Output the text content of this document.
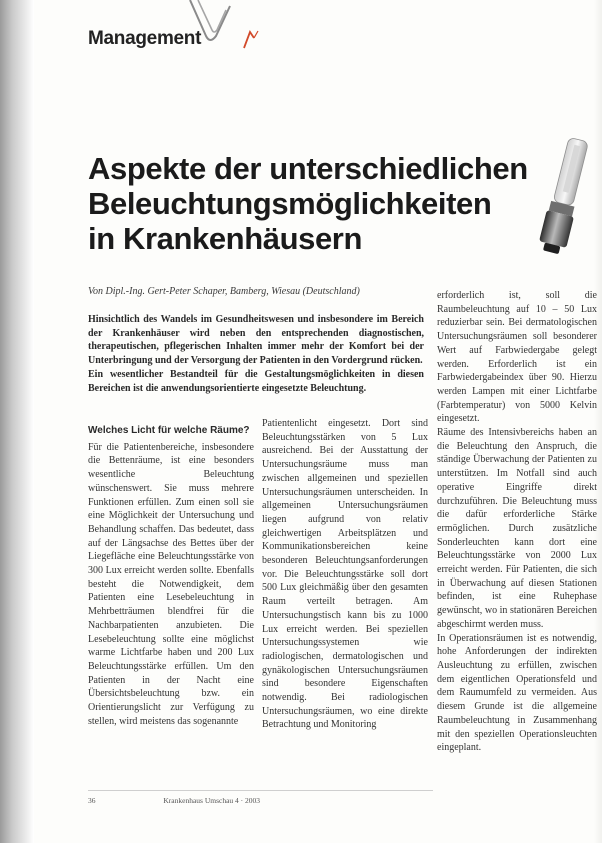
Management
Aspekte der unterschiedlichen
Beleuchtungsmöglichkeiten
in Krankenhäusern
Von Dipl.-Ing. Gert-Peter Schaper, Bamberg, Wiesau (Deutschland)

Hinsichtlich des Wandels im Gesundheitswesen und insbesondere im Bereich der Krankenhäuser wird neben den entsprechenden diagnostischen, therapeutischen, pflegerischen Inhalten immer mehr der Komfort bei der Unterbringung und der Versorgung der Patienten in den Vordergrund rücken.

Ein wesentlicher Bestandteil für die Gestaltungsmöglichkeiten in diesen Bereichen ist die anwendungsorientierte eingesetzte Beleuchtung.

Welches Licht für welche Räume?

Für die Patientenbereiche, insbesondere die Bettenräume, ist eine besonders wesentliche Beleuchtung wünschenswert. Sie muss mehrere Funktionen erfüllen. Zum einen soll sie eine Möglichkeit der Untersuchung und Behandlung schaffen. Das bedeutet, dass auf der Längsachse des Bettes über der Liegefläche eine Beleuchtungsstärke von 300 Lux erreicht werden sollte. Ebenfalls besteht die Notwendigkeit, dem Patienten eine Lesebeleuchtung in Mehrbetträumen blendfrei für die Nachbarpatienten anzubieten. Die Lesebeleuchtung sollte eine möglichst warme Lichtfarbe haben und 200 Lux Beleuchtungsstärke erfüllen. Um den Patienten in der Nacht eine Übersichtsbeleuchtung bzw. ein Orientierungslicht zur Verfügung zu stellen, wird meistens das sogenannte

Patientenlicht eingesetzt. Dort sind Beleuchtungsstärken von 5 Lux ausreichend. Bei der Ausstattung der Untersuchungsräume muss man zwischen allgemeinen und speziellen Untersuchungsräumen unterscheiden. In allgemeinen Untersuchungsräumen liegen aufgrund von relativ gleichwertigen Arbeitsplätzen und Kommunikationsbereichen keine besonderen Beleuchtungsanforderungen vor. Die Beleuchtungsstärke soll dort 500 Lux gleichmäßig über den gesamten Raum verteilt betragen. Am Untersuchungstisch kann bis zu 1000 Lux erreicht werden. Bei speziellen Untersuchungssystemen wie radiologischen, dermatologischen und gynäkologischen Untersuchungsräumen sind besondere Eigenschaften notwendig. Bei radiologischen Untersuchungsräumen, wo eine direkte Betrachtung und Monitoring

erforderlich ist, soll die Raumbeleuchtung auf 10 – 50 Lux reduzierbar sein. Bei dermatologischen Untersuchungsräumen soll besonderer Wert auf Farbwiedergabe gelegt werden. Erforderlich ist ein Farbwiedergabeindex über 90. Hierzu werden Lampen mit einer Lichtfarbe (Farbtemperatur) von 5000 Kelvin eingesetzt.

Räume des Intensivbereichs haben an die Beleuchtung den Anspruch, die ständige Überwachung der Patienten zu unterstützen. Im Notfall sind auch operative Eingriffe direkt durchzuführen. Die Beleuchtung muss die dafür erforderliche Stärke ermöglichen. Durch zusätzliche Sonderleuchten kann dort eine Beleuchtungsstärke von 2000 Lux erreicht werden. Für Patienten, die sich in Überwachung auf diesen Stationen befinden, ist eine Ruhephase gewünscht, wo in stationären Bereichen abgeschirmt werden muss.

In Operationsräumen ist es notwendig, hohe Anforderungen der indirekten Ausleuchtung zu erfüllen, zwischen dem eigentlichen Operationsfeld und dem Raumumfeld zu vermeiden. Aus diesem Grunde ist die allgemeine Raumbeleuchtung in Zusammenhang mit den speziellen Operationsleuchten eingeplant.

36	Krankenhaus Umschau 4 · 2003
